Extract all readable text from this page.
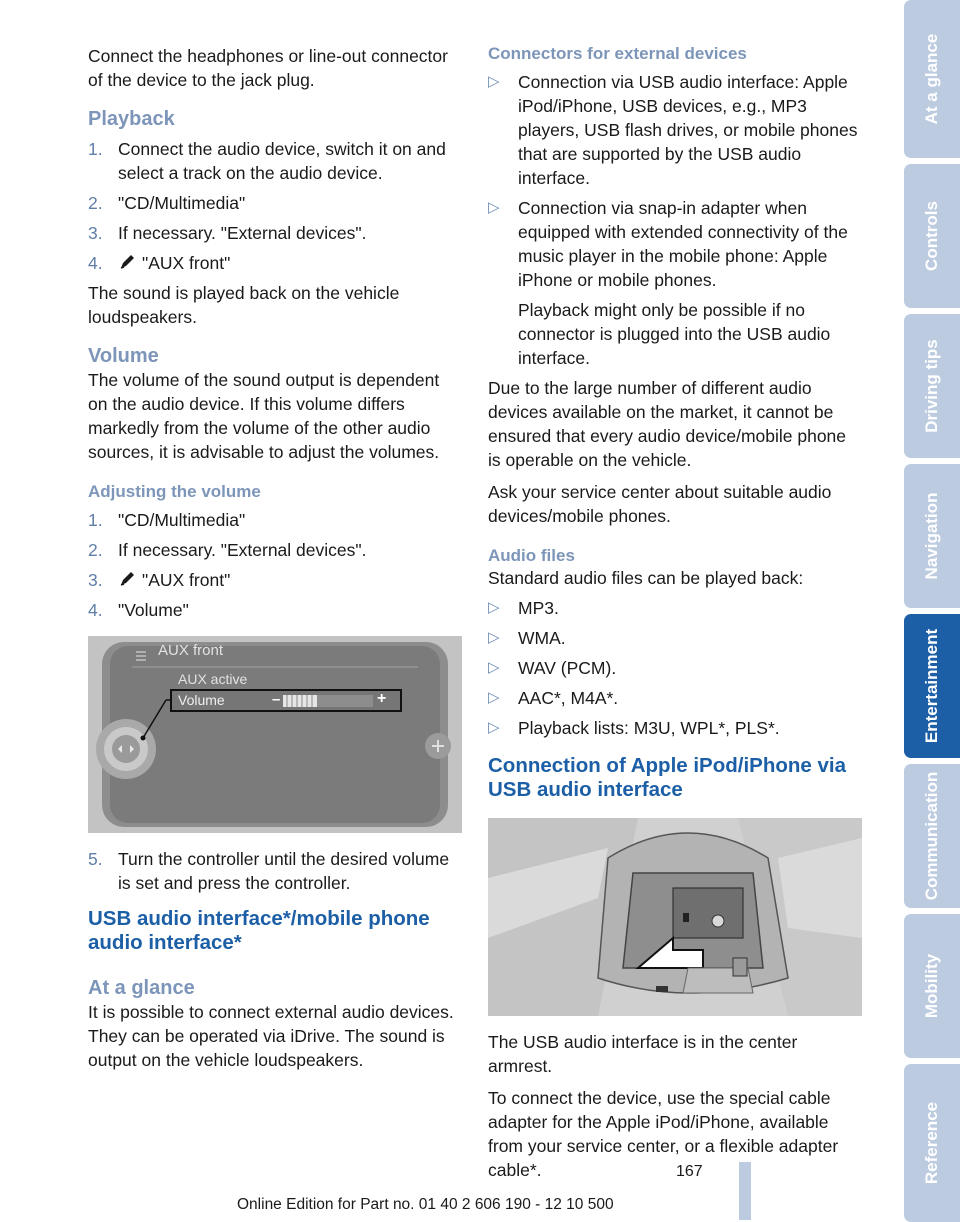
Connect the headphones or line-out connector of the device to the jack plug.

Playback
1. Connect the audio device, switch it on and select a track on the audio device.
2. "CD/Multimedia"
3. If necessary. "External devices".
4.	"AUX front"

The sound is played back on the vehicle loudspeakers.

Volume

The volume of the sound output is dependent on the audio device. If this volume differs markedly from the volume of the other audio sources, it is advisable to adjust the volumes.

Adjusting the volume
1. "CD/Multimedia"
2. If necessary. "External devices".
3.	"AUX front"
4. "Volume"
AUX front
AUX active
Volume	–	+
5. Turn the controller until the desired volume is set and press the controller.
USB audio interface*/mobile phone audio interface*
At a glance

It is possible to connect external audio devices. They can be operated via iDrive. The sound is output on the vehicle loudspeakers.

Connectors for external devices
▷	Connection via USB audio interface: Apple iPod/iPhone, USB devices, e.g., MP3 players, USB flash drives, or mobile phones that are supported by the USB audio interface.
▷	Connection via snap-in adapter when equipped with extended connectivity of the music player in the mobile phone: Apple iPhone or mobile phones.
Playback might only be possible if no connector is plugged into the USB audio interface.

Due to the large number of different audio devices available on the market, it cannot be ensured that every audio device/mobile phone is operable on the vehicle.

Ask your service center about suitable audio devices/mobile phones.

Audio files

Standard audio files can be played back:

▷	MP3.
▷	WMA.
▷	WAV (PCM).
▷	AAC*, M4A*.
▷	Playback lists: M3U, WPL*, PLS*.
Connection of Apple iPod/iPhone via USB audio interface

The USB audio interface is in the center armrest.

To connect the device, use the special cable adapter for the Apple iPod/iPhone, available from your service center, or a flexible adapter cable*.

At a glance
Controls
Driving tips
Navigation
Entertainment
Communication
Mobility
Reference
167
Online Edition for Part no. 01 40 2 606 190 - 12 10 500
